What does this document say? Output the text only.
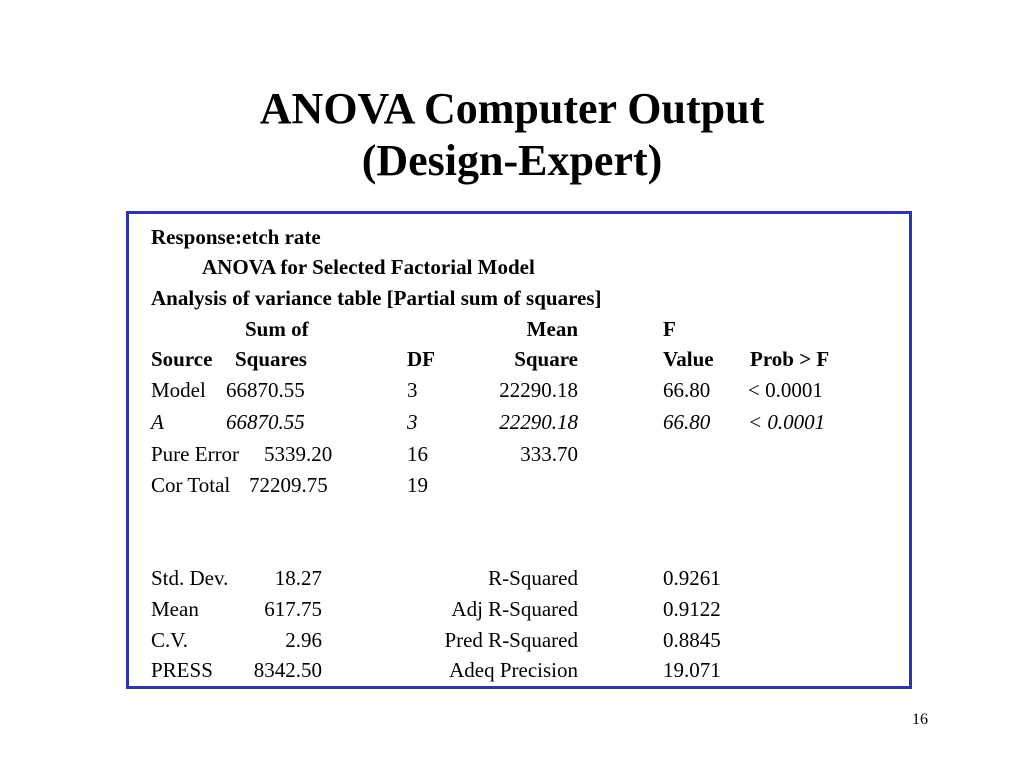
ANOVA Computer Output
(Design-Expert)
Response:etch rate
ANOVA for Selected Factorial Model
Analysis of variance table [Partial sum of squares]
Sum of	Mean	F
Source Squares	DF	Square	Value Prob > F
Model 66870.55	3	22290.18	66.80 < 0.0001
A	66870.55	3	22290.18	66.80 < 0.0001
Pure Error 5339.20	16	333.70
Cor Total 72209.75	19
Std. Dev.	18.27	R-Squared	0.9261
Mean	617.75	Adj R-Squared	0.9122
C.V.	2.96	Pred R-Squared	0.8845
PRESS	8342.50	Adeq Precision	19.071
16
